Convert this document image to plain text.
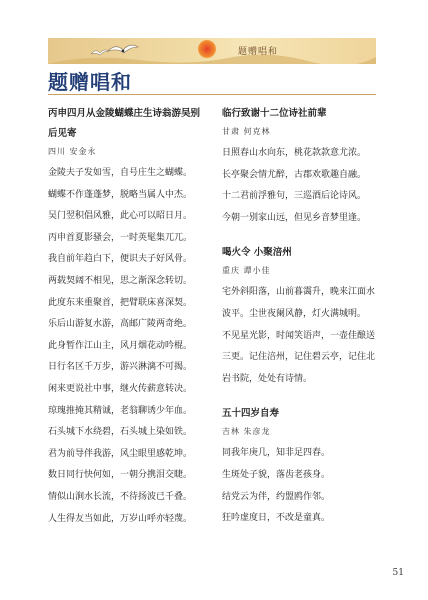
题赠唱和
题赠唱和

丙申四月从金陵蝴蝶庄生诗翁游吴别

后见寄

四川 安金永

金陵夫子发如雪，自号庄生之蝴蝶。

蝴蝶不作蓬蓬梦，脱略当属人中杰。

吴门翌积倡风雅，此心可以昭日月。

丙申首夏影骚会，一时英髦集兀兀。

我自前年趋白下，便识夫子好风骨。

两载契阔不相见，思之渐深念转切。

此度东来重聚首，把臂联床喜深契。

乐后山游复水游，高邮广陵两奇绝。

此身暂作江山主，风月烟花动吟棍。

日行名区千万步，游兴淋漓不可揭。

闲来更说社中事，继火传薪意转决。

琼瑰推掩其精诚，老翁聊诱少年血。

石头城下水绕碧，石头城上染如铁。

君为前导伴我游，风尘眼里感乾坤。

数日同行快何如，一朝分携泪交睫。

情似山涧水长流，不待扬波已千叠。

人生得友当如此，万岁山呼亦轻蔑。

临行致谢十二位诗社前辈

甘肃 何克林

日照春山水向东，桃花款款意尤浓。

长亭聚会情尤醉，古郡欢歌趣自融。

十二君前浮雅句，三巡酒后论诗风。

今朝一别家山远，但见乡音梦里逢。

喝火令 小聚涪州

重庆 谭小佳

宅外斜阳落，山前暮霭升，晚来江面水

波平。尘世夜阑风静，灯火满城明。

不见星光影，时闻笑语声，一壶佳酿送

三更。记住涪州，记住碧云亭，记住北

岩书院，处处有诗情。

五十四岁自寿

吉林 朱彦龙

同我年庚几，知非足四春。

生斑处子貌，落齿老孩身。

结党云为伴，约盟鸥作邻。

狂吟虚度日，不改是童真。

51
